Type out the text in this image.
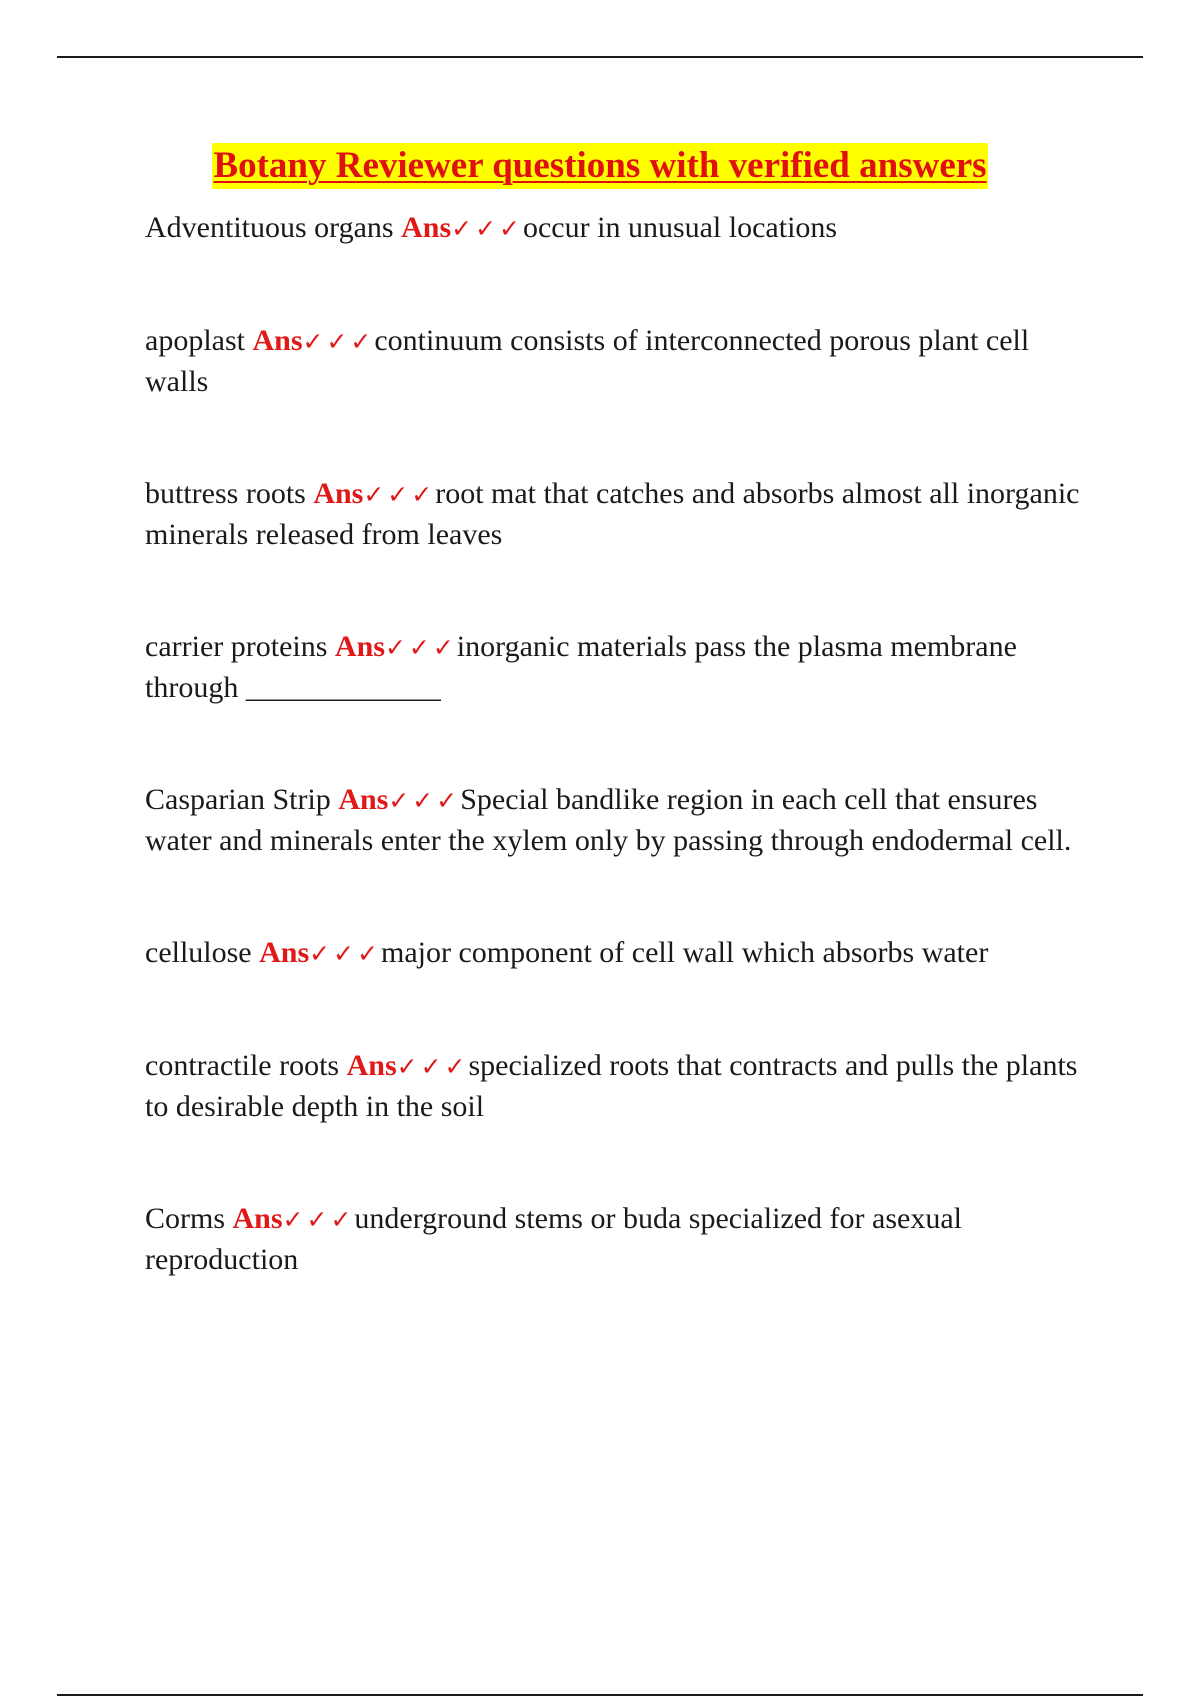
Botany Reviewer questions with verified answers

Adventituous organs Ans✓✓✓occur in unusual locations

apoplast Ans✓✓✓continuum consists of interconnected porous plant cell walls

buttress roots Ans✓✓✓root mat that catches and absorbs almost all inorganic minerals released from leaves

carrier proteins Ans✓✓✓inorganic materials pass the plasma membrane through _____________

Casparian Strip Ans✓✓✓Special bandlike region in each cell that ensures water and minerals enter the xylem only by passing through endodermal cell.

cellulose Ans✓✓✓major component of cell wall which absorbs water

contractile roots Ans✓✓✓specialized roots that contracts and pulls the plants to desirable depth in the soil

Corms Ans✓✓✓underground stems or buda specialized for asexual reproduction
